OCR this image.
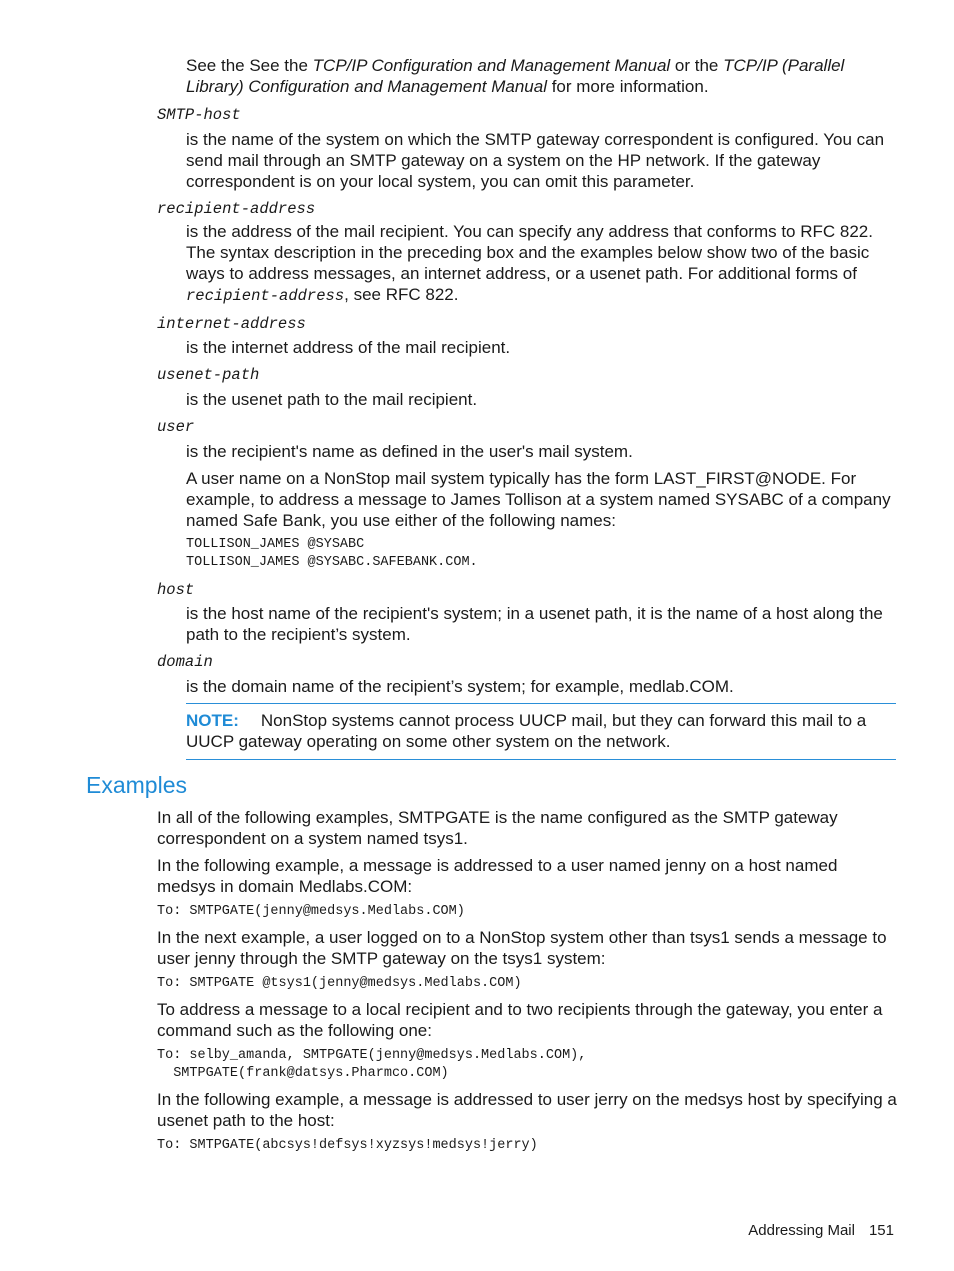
See the See the TCP/IP Configuration and Management Manual or the TCP/IP (Parallel Library) Configuration and Management Manual for more information.

SMTP-host

is the name of the system on which the SMTP gateway correspondent is configured. You can send mail through an SMTP gateway on a system on the HP network. If the gateway correspondent is on your local system, you can omit this parameter.

recipient-address

is the address of the mail recipient. You can specify any address that conforms to RFC 822. The syntax description in the preceding box and the examples below show two of the basic ways to address messages, an internet address, or a usenet path. For additional forms of recipient-address, see RFC 822.

internet-address

is the internet address of the mail recipient.

usenet-path

is the usenet path to the mail recipient.

user

is the recipient's name as defined in the user's mail system.

A user name on a NonStop mail system typically has the form LAST_FIRST@NODE. For example, to address a message to James Tollison at a system named SYSABC of a company named Safe Bank, you use either of the following names:

TOLLISON_JAMES @SYSABC
TOLLISON_JAMES @SYSABC.SAFEBANK.COM.

host

is the host name of the recipient's system; in a usenet path, it is the name of a host along the path to the recipient’s system.

domain

is the domain name of the recipient’s system; for example, medlab.COM.

NOTE: NonStop systems cannot process UUCP mail, but they can forward this mail to a UUCP gateway operating on some other system on the network.

Examples

In all of the following examples, SMTPGATE is the name configured as the SMTP gateway correspondent on a system named tsys1.

In the following example, a message is addressed to a user named jenny on a host named medsys in domain Medlabs.COM:

To: SMTPGATE(jenny@medsys.Medlabs.COM)

In the next example, a user logged on to a NonStop system other than tsys1 sends a message to user jenny through the SMTP gateway on the tsys1 system:

To: SMTPGATE @tsys1(jenny@medsys.Medlabs.COM)

To address a message to a local recipient and to two recipients through the gateway, you enter a command such as the following one:

To: selby_amanda, SMTPGATE(jenny@medsys.Medlabs.COM),
SMTPGATE(frank@datsys.Pharmco.COM)

In the following example, a message is addressed to user jerry on the medsys host by specifying a usenet path to the host:

To: SMTPGATE(abcsys!defsys!xyzsys!medsys!jerry)

Addressing Mail 151
